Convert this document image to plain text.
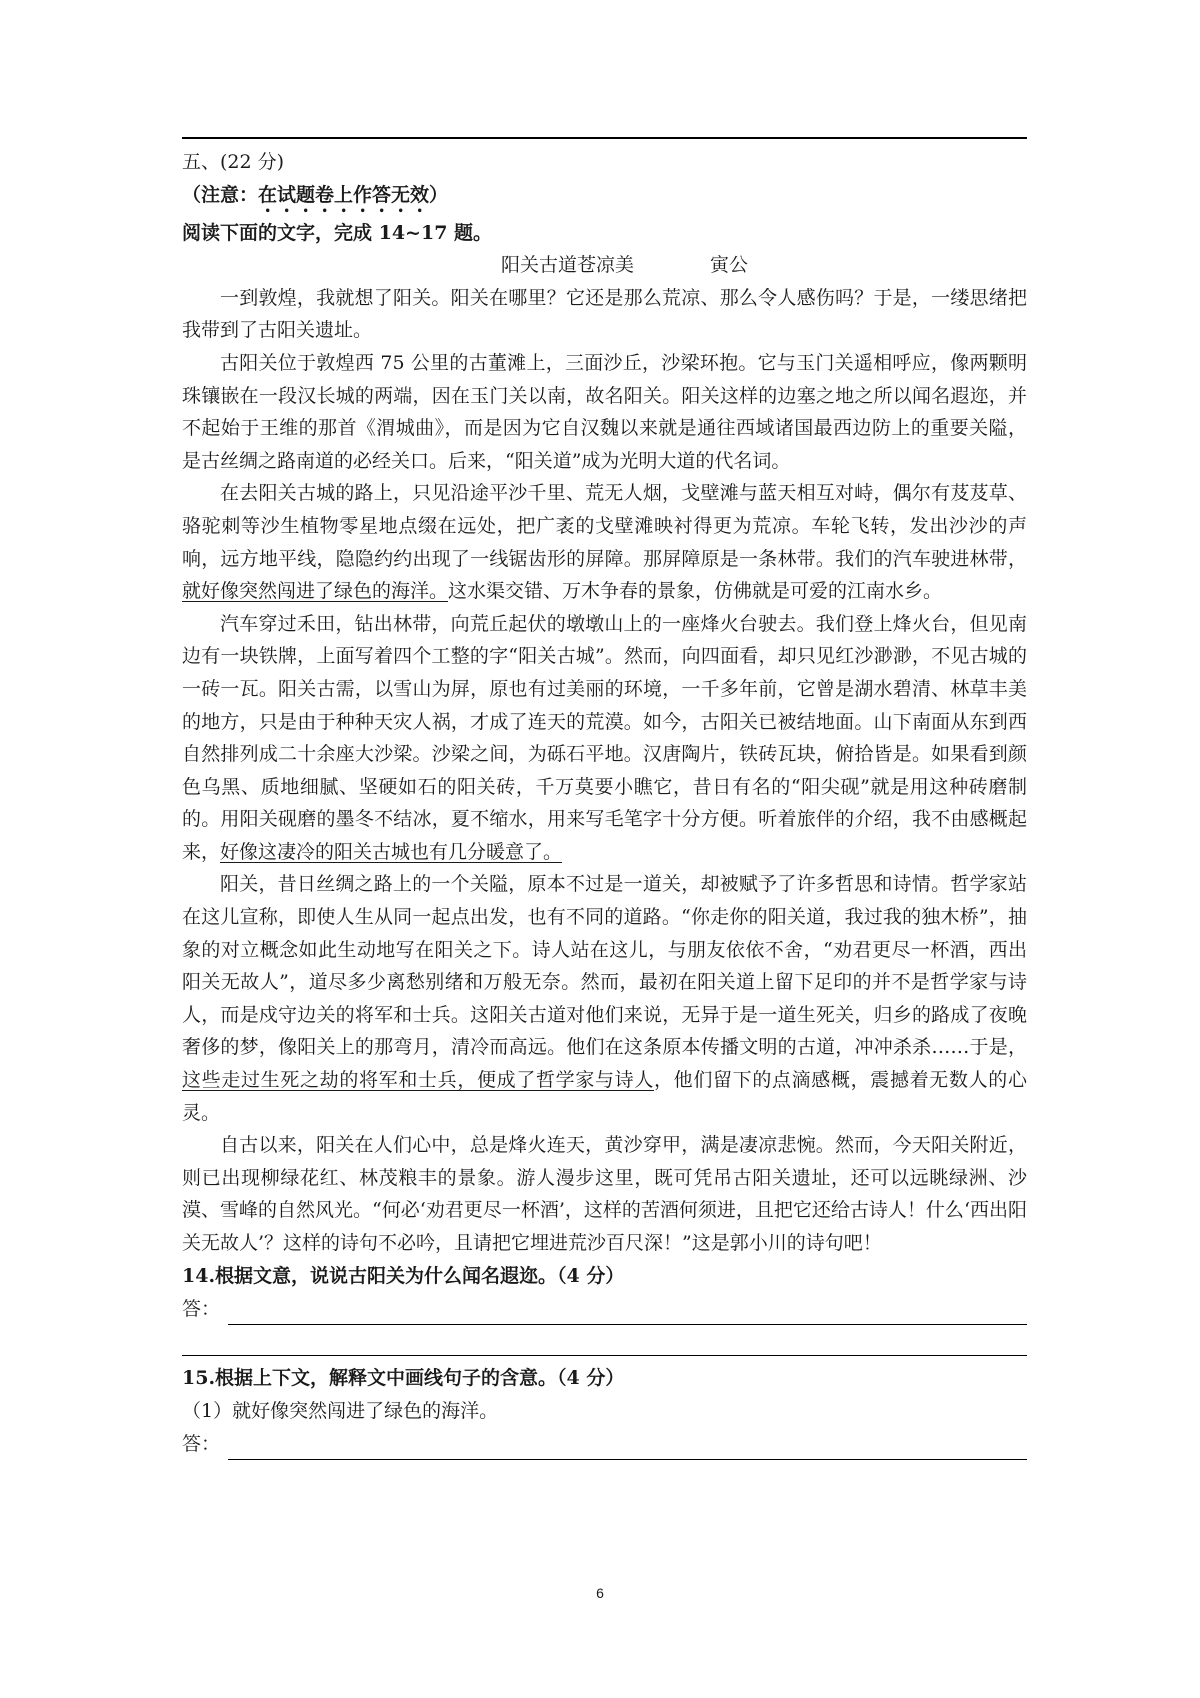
五、(22 分)

（注意：在试题卷上作答无效）

阅读下面的文字，完成 14~17 题。

阳关古道苍凉美	寅公

一到敦煌，我就想了阳关。阳关在哪里？它还是那么荒凉、那么令人感伤吗？于是，一缕思绪把我带到了古阳关遗址。

古阳关位于敦煌西 75 公里的古董滩上，三面沙丘，沙梁环抱。它与玉门关遥相呼应，像两颗明珠镶嵌在一段汉长城的两端，因在玉门关以南，故名阳关。阳关这样的边塞之地之所以闻名遐迩，并不起始于王维的那首《渭城曲》，而是因为它自汉魏以来就是通往西域诸国最西边防上的重要关隘，是古丝绸之路南道的必经关口。后来，“阳关道”成为光明大道的代名词。

在去阳关古城的路上，只见沿途平沙千里、荒无人烟，戈壁滩与蓝天相互对峙，偶尔有芨芨草、骆驼刺等沙生植物零星地点缀在远处，把广袤的戈壁滩映衬得更为荒凉。车轮飞转，发出沙沙的声响，远方地平线，隐隐约约出现了一线锯齿形的屏障。那屏障原是一条林带。我们的汽车驶进林带，就好像突然闯进了绿色的海洋。这水渠交错、万木争春的景象，仿佛就是可爱的江南水乡。

汽车穿过禾田，钻出林带，向荒丘起伏的墩墩山上的一座烽火台驶去。我们登上烽火台，但见南边有一块铁牌，上面写着四个工整的字“阳关古城”。然而，向四面看，却只见红沙渺渺，不见古城的一砖一瓦。阳关古需，以雪山为屏，原也有过美丽的环境，一千多年前，它曾是湖水碧清、林草丰美的地方，只是由于种种天灾人祸，才成了连天的荒漠。如今，古阳关已被结地面。山下南面从东到西自然排列成二十余座大沙梁。沙梁之间，为砾石平地。汉唐陶片，铁砖瓦块，俯拾皆是。如果看到颜色乌黑、质地细腻、坚硬如石的阳关砖，千万莫要小瞧它，昔日有名的“阳尖砚”就是用这种砖磨制的。用阳关砚磨的墨冬不结冰，夏不缩水，用来写毛笔字十分方便。听着旅伴的介绍，我不由感概起来，好像这凄冷的阳关古城也有几分暖意了。

阳关，昔日丝绸之路上的一个关隘，原本不过是一道关，却被赋予了许多哲思和诗情。哲学家站在这儿宣称，即使人生从同一起点出发，也有不同的道路。“你走你的阳关道，我过我的独木桥”，抽象的对立概念如此生动地写在阳关之下。诗人站在这儿，与朋友依依不舍，“劝君更尽一杯酒，西出阳关无故人”，道尽多少离愁别绪和万般无奈。然而，最初在阳关道上留下足印的并不是哲学家与诗人，而是戍守边关的将军和士兵。这阳关古道对他们来说，无异于是一道生死关，归乡的路成了夜晚奢侈的梦，像阳关上的那弯月，清冷而高远。他们在这条原本传播文明的古道，冲冲杀杀……于是，这些走过生死之劫的将军和士兵，便成了哲学家与诗人，他们留下的点滴感概，震撼着无数人的心灵。

自古以来，阳关在人们心中，总是烽火连天，黄沙穿甲，满是凄凉悲惋。然而，今天阳关附近，则已出现柳绿花红、林茂粮丰的景象。游人漫步这里，既可凭吊古阳关遗址，还可以远眺绿洲、沙漠、雪峰的自然风光。“何必‘劝君更尽一杯酒’，这样的苦酒何须进，且把它还给古诗人！什么‘西出阳关无故人’？这样的诗句不必吟，且请把它埋进荒沙百尺深！”这是郭小川的诗句吧！

14.根据文意，说说古阳关为什么闻名遐迩。（4 分）

答：

15.根据上下文，解释文中画线句子的含意。（4 分）

（1）就好像突然闯进了绿色的海洋。

答：
6
